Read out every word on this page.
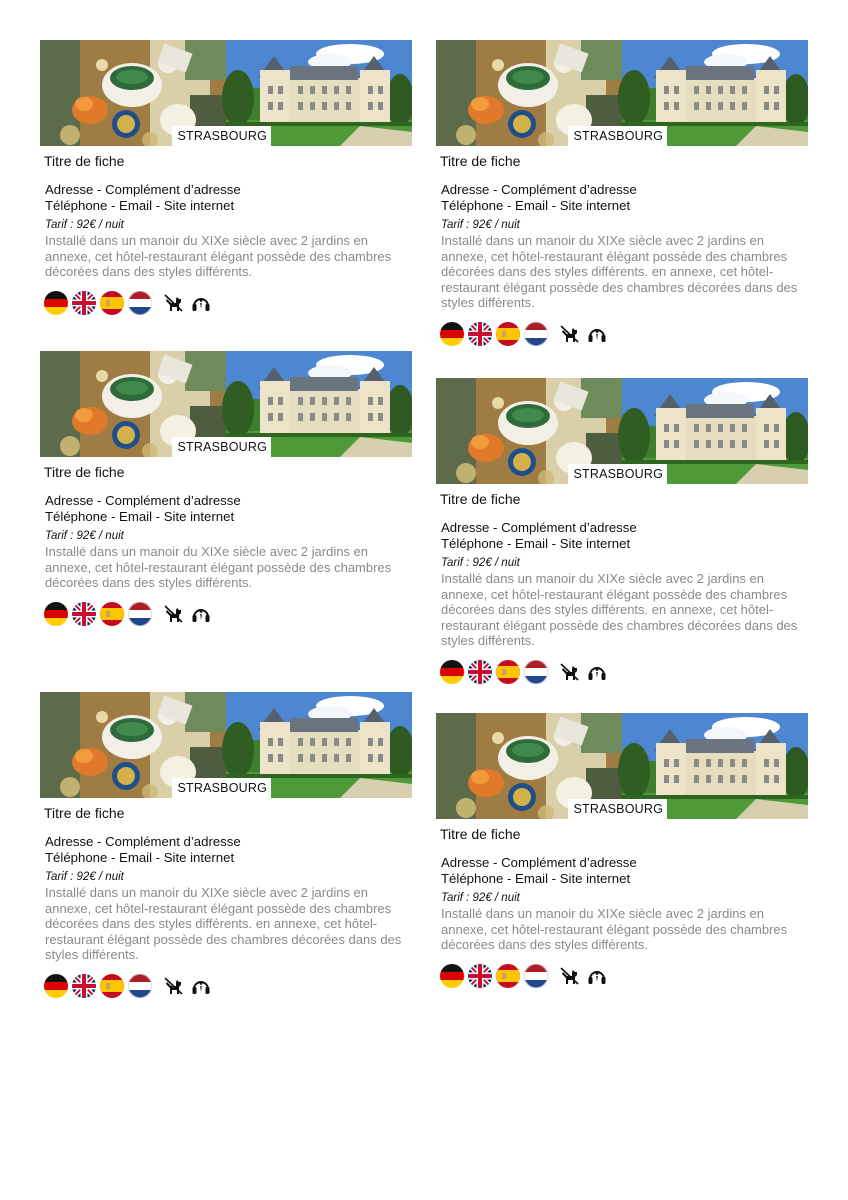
STRASBOURG
Titre de fiche
Adresse - Complément d’adresse
Téléphone - Email - Site internet
Tarif : 92€ / nuit
Installé dans un manoir du XIXe siècle avec 2 jardins en annexe, cet hôtel-restaurant élégant possède des chambres décorées dans des styles différents.
STRASBOURG
Titre de fiche
Adresse - Complément d’adresse
Téléphone - Email - Site internet
Tarif : 92€ / nuit
Installé dans un manoir du XIXe siècle avec 2 jardins en annexe, cet hôtel-restaurant élégant possède des chambres décorées dans des styles différents.
STRASBOURG
Titre de fiche
Adresse - Complément d’adresse
Téléphone - Email - Site internet
Tarif : 92€ / nuit
Installé dans un manoir du XIXe siècle avec 2 jardins en annexe, cet hôtel-restaurant élégant possède des chambres décorées dans des styles différents. en annexe, cet hôtel-restaurant élégant possède des chambres décorées dans des styles différents.
STRASBOURG
Titre de fiche
Adresse - Complément d’adresse
Téléphone - Email - Site internet
Tarif : 92€ / nuit
Installé dans un manoir du XIXe siècle avec 2 jardins en annexe, cet hôtel-restaurant élégant possède des chambres décorées dans des styles différents. en annexe, cet hôtel-restaurant élégant possède des chambres décorées dans des styles différents.
STRASBOURG
Titre de fiche
Adresse - Complément d’adresse
Téléphone - Email - Site internet
Tarif : 92€ / nuit
Installé dans un manoir du XIXe siècle avec 2 jardins en annexe, cet hôtel-restaurant élégant possède des chambres décorées dans des styles différents. en annexe, cet hôtel-restaurant élégant possède des chambres décorées dans des styles différents.
STRASBOURG
Titre de fiche
Adresse - Complément d’adresse
Téléphone - Email - Site internet
Tarif : 92€ / nuit
Installé dans un manoir du XIXe siècle avec 2 jardins en annexe, cet hôtel-restaurant élégant possède des chambres décorées dans des styles différents.
